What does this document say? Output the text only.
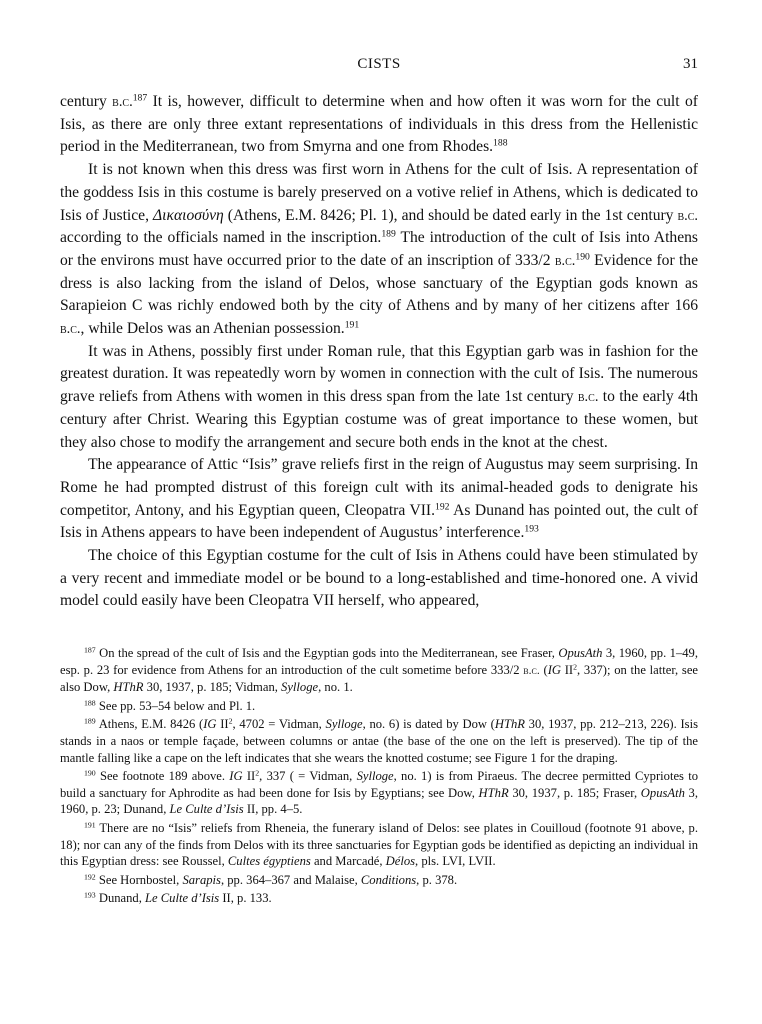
CISTS	31

century b.c.$^{187}$ It is, however, difficult to determine when and how often it was worn for the cult of Isis, as there are only three extant representations of individuals in this dress from the Hellenistic period in the Mediterranean, two from Smyrna and one from Rhodes.$^{188}$

It is not known when this dress was first worn in Athens for the cult of Isis. A representation of the goddess Isis in this costume is barely preserved on a votive relief in Athens, which is dedicated to Isis of Justice, Δικαιοσύνη (Athens, E.M. 8426; Pl. 1), and should be dated early in the 1st century b.c. according to the officials named in the inscription.$^{189}$ The introduction of the cult of Isis into Athens or the environs must have occurred prior to the date of an inscription of 333/2 b.c.$^{190}$ Evidence for the dress is also lacking from the island of Delos, whose sanctuary of the Egyptian gods known as Sarapieion C was richly endowed both by the city of Athens and by many of her citizens after 166 b.c., while Delos was an Athenian possession.$^{191}$

It was in Athens, possibly first under Roman rule, that this Egyptian garb was in fashion for the greatest duration. It was repeatedly worn by women in connection with the cult of Isis. The numerous grave reliefs from Athens with women in this dress span from the late 1st century b.c. to the early 4th century after Christ. Wearing this Egyptian costume was of great importance to these women, but they also chose to modify the arrangement and secure both ends in the knot at the chest.

The appearance of Attic “Isis” grave reliefs first in the reign of Augustus may seem surprising. In Rome he had prompted distrust of this foreign cult with its animal-headed gods to denigrate his competitor, Antony, and his Egyptian queen, Cleopatra VII.$^{192}$ As Dunand has pointed out, the cult of Isis in Athens appears to have been independent of Augustus’ interference.$^{193}$

The choice of this Egyptian costume for the cult of Isis in Athens could have been stimulated by a very recent and immediate model or be bound to a long-established and time-honored one. A vivid model could easily have been Cleopatra VII herself, who appeared,

$^{187}$ On the spread of the cult of Isis and the Egyptian gods into the Mediterranean, see Fraser, OpusAth 3, 1960, pp. 1–49, esp. p. 23 for evidence from Athens for an introduction of the cult sometime before 333/2 b.c. (IG $II^2$, 337); on the latter, see also Dow, HThR 30, 1937, p. 185; Vidman, Sylloge, no. 1.

$^{188}$ See pp. 53–54 below and Pl. 1.

$^{189}$ Athens, E.M. 8426 (IG $II^2$, 4702 = Vidman, Sylloge, no. 6) is dated by Dow (HThR 30, 1937, pp. 212–213, 226). Isis stands in a naos or temple façade, between columns or antae (the base of the one on the left is preserved). The tip of the mantle falling like a cape on the left indicates that she wears the knotted costume; see Figure 1 for the draping.

$^{190}$ See footnote 189 above. IG $II^2$, 337 ( = Vidman, Sylloge, no. 1) is from Piraeus. The decree permitted Cypriotes to build a sanctuary for Aphrodite as had been done for Isis by Egyptians; see Dow, HThR 30, 1937, p. 185; Fraser, OpusAth 3, 1960, p. 23; Dunand, Le Culte d’Isis II, pp. 4–5.

$^{191}$ There are no “Isis” reliefs from Rheneia, the funerary island of Delos: see plates in Couilloud (footnote 91 above, p. 18); nor can any of the finds from Delos with its three sanctuaries for Egyptian gods be identified as depicting an individual in this Egyptian dress: see Roussel, Cultes égyptiens and Marcadé, Délos, pls. LVI, LVII.

$^{192}$ See Hornbostel, Sarapis, pp. 364–367 and Malaise, Conditions, p. 378.

$^{193}$ Dunand, Le Culte d’Isis II, p. 133.
